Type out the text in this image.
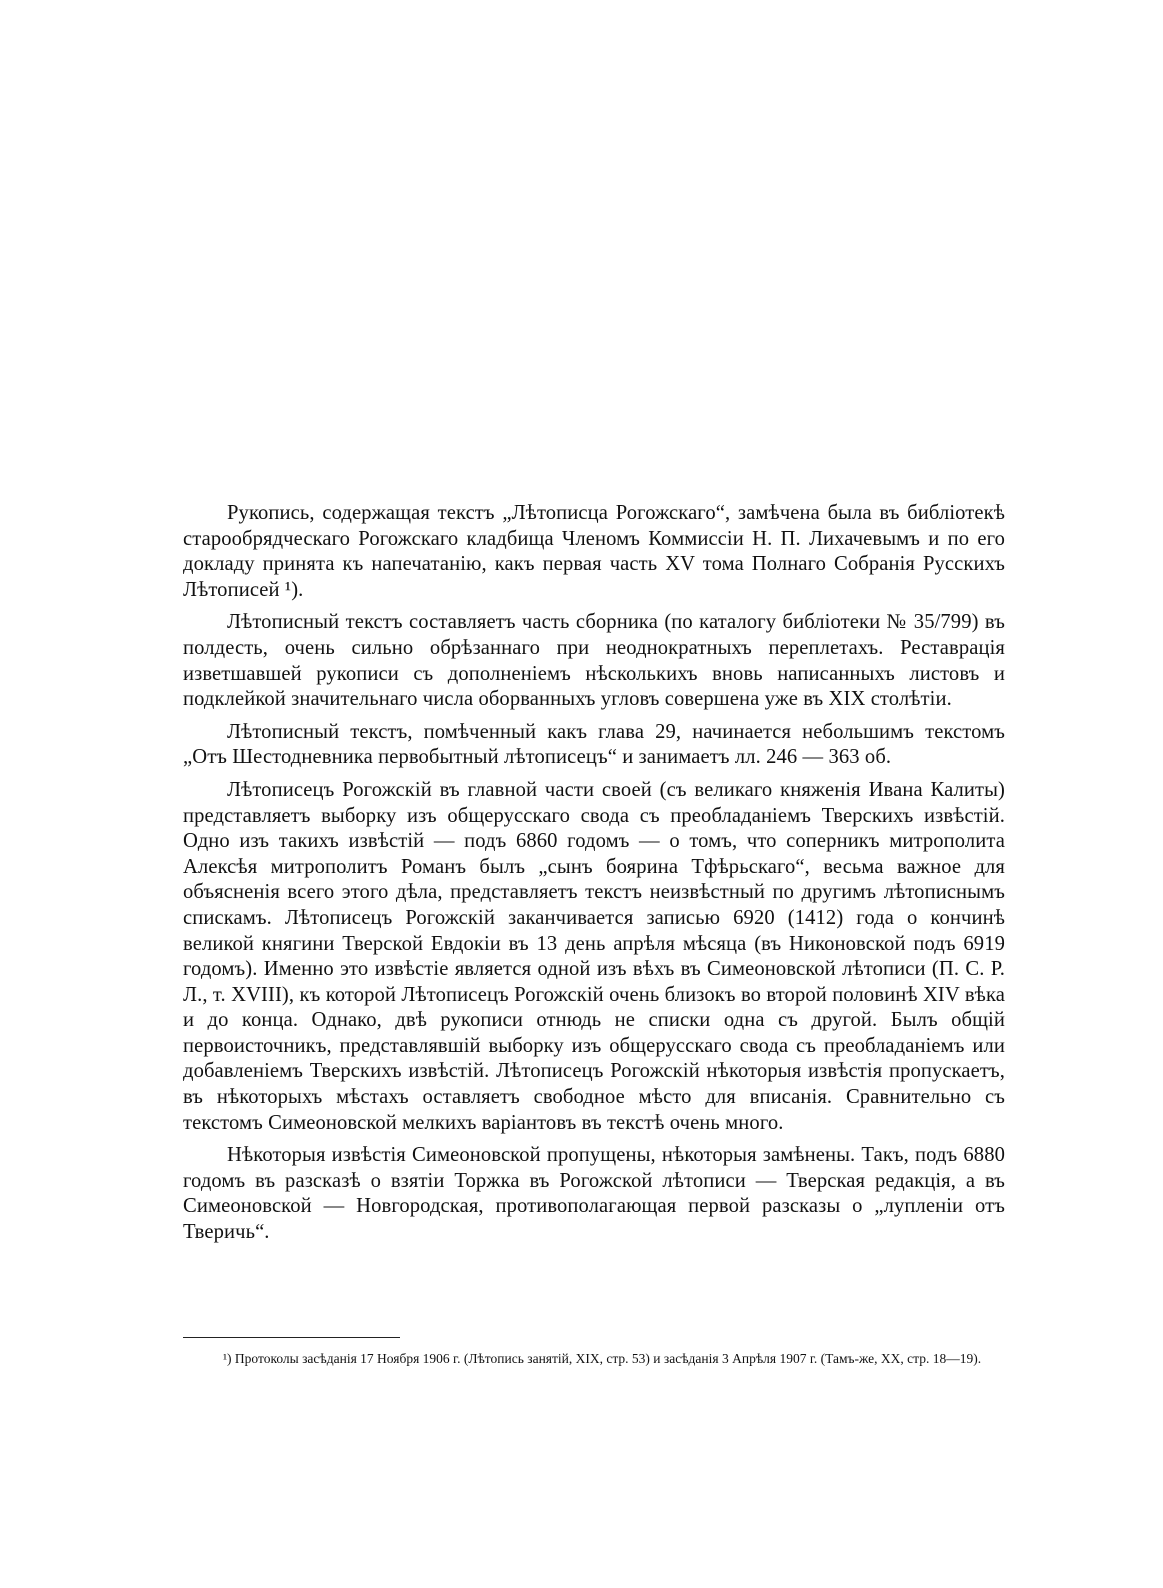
Рукопись, содержащая текстъ „Лѣтописца Рогожскаго“, замѣчена была въ библіотекѣ старообрядческаго Рогожскаго кладбища Членомъ Коммиссіи Н. П. Лихачевымъ и по его докладу принята къ напечатанію, какъ первая часть XV тома Полнаго Собранія Русскихъ Лѣтописей ¹).

Лѣтописный текстъ составляетъ часть сборника (по каталогу библіотеки № 35/799) въ полдесть, очень сильно обрѣзаннаго при неоднократныхъ переплетахъ. Реставрація изветшавшей рукописи съ дополненіемъ нѣсколькихъ вновь написанныхъ листовъ и подклейкой значительнаго числа оборванныхъ угловъ совершена уже въ XIX столѣтіи.

Лѣтописный текстъ, помѣченный какъ глава 29, начинается небольшимъ текстомъ „Отъ Шестодневника первобытный лѣтописецъ“ и занимаетъ лл. 246 — 363 об.

Лѣтописецъ Рогожскій въ главной части своей (съ великаго княженія Ивана Калиты) представляетъ выборку изъ общерусскаго свода съ преобладаніемъ Тверскихъ извѣстій. Одно изъ такихъ извѣстій — подъ 6860 годомъ — о томъ, что соперникъ митрополита Алексѣя митрополитъ Романъ былъ „сынъ боярина Тфѣрьскаго“, весьма важное для объясненія всего этого дѣла, представляетъ текстъ неизвѣстный по другимъ лѣтописнымъ спискамъ. Лѣтописецъ Рогожскій заканчивается записью 6920 (1412) года о кончинѣ великой княгини Тверской Евдокіи въ 13 день апрѣля мѣсяца (въ Никоновской подъ 6919 годомъ). Именно это извѣстіе является одной изъ вѣхъ въ Симеоновской лѣтописи (П. С. Р. Л., т. XVIII), къ которой Лѣтописецъ Рогожскій очень близокъ во второй половинѣ XIV вѣка и до конца. Однако, двѣ рукописи отнюдь не списки одна съ другой. Былъ общій первоисточникъ, представлявшій выборку изъ общерусскаго свода съ преобладаніемъ или добавленіемъ Тверскихъ извѣстій. Лѣтописецъ Рогожскій нѣкоторыя извѣстія пропускаетъ, въ нѣкоторыхъ мѣстахъ оставляетъ свободное мѣсто для вписанія. Сравнительно съ текстомъ Симеоновской мелкихъ варіантовъ въ текстѣ очень много.

Нѣкоторыя извѣстія Симеоновской пропущены, нѣкоторыя замѣнены. Такъ, подъ 6880 годомъ въ разсказѣ о взятіи Торжка въ Рогожской лѣтописи — Тверская редакція, а въ Симеоновской — Новгородская, противополагающая первой разсказы о „лупленіи отъ Тверичь“.

¹) Протоколы засѣданія 17 Ноября 1906 г. (Лѣтопись занятій, XIX, стр. 53) и засѣданія 3 Апрѣля 1907 г. (Тамъ-же, XX, стр. 18—19).
